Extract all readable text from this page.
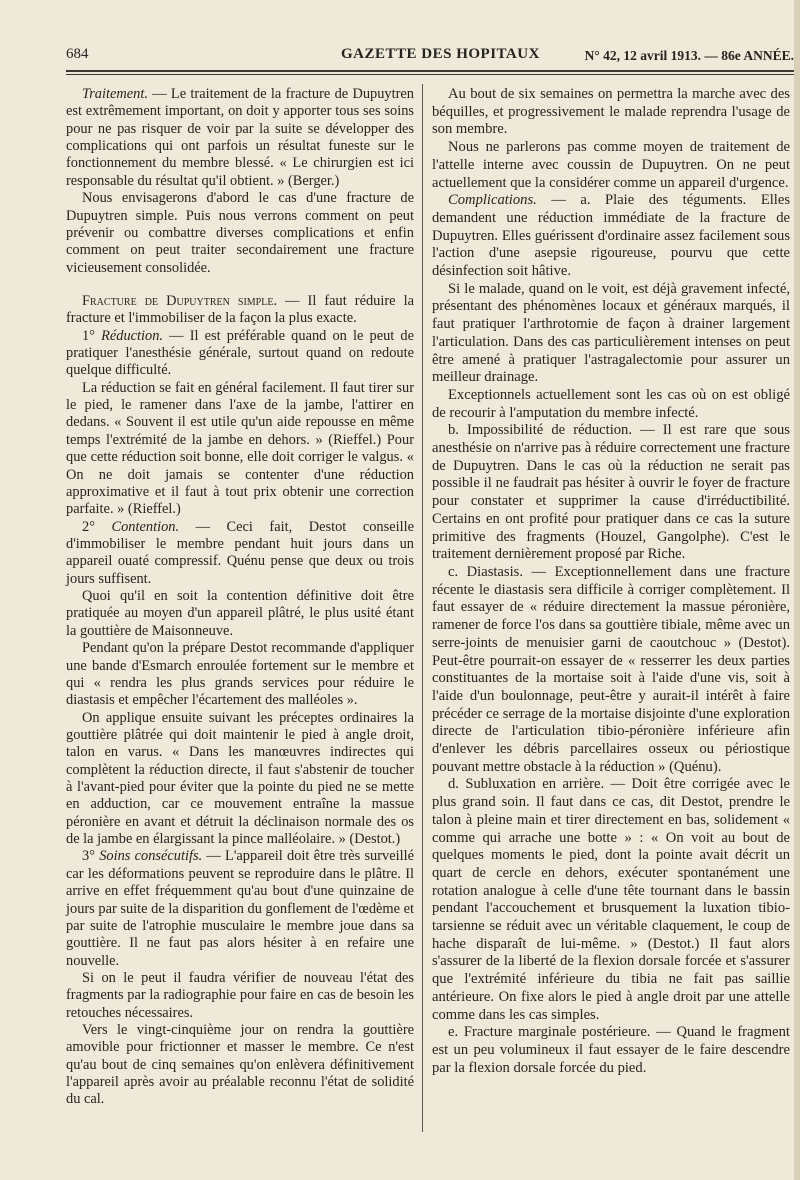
684	GAZETTE DES HOPITAUX	N° 42, 12 avril 1913. — 86e ANNÉE.

Traitement. — Le traitement de la fracture de Dupuytren est extrêmement important, on doit y apporter tous ses soins pour ne pas risquer de voir par la suite se développer des complications qui ont parfois un résultat funeste sur le fonctionnement du membre blessé. « Le chirurgien est ici responsable du résultat qu'il obtient. » (Berger.)

Nous envisagerons d'abord le cas d'une fracture de Dupuytren simple. Puis nous verrons comment on peut prévenir ou combattre diverses complications et enfin comment on peut traiter secondairement une fracture vicieusement consolidée.

Fracture de Dupuytren simple. — Il faut réduire la fracture et l'immobiliser de la façon la plus exacte.

1° Réduction. — Il est préférable quand on le peut de pratiquer l'anesthésie générale, surtout quand on redoute quelque difficulté.

La réduction se fait en général facilement. Il faut tirer sur le pied, le ramener dans l'axe de la jambe, l'attirer en dedans. « Souvent il est utile qu'un aide repousse en même temps l'extrémité de la jambe en dehors. » (Rieffel.) Pour que cette réduction soit bonne, elle doit corriger le valgus. « On ne doit jamais se contenter d'une réduction approximative et il faut à tout prix obtenir une correction parfaite. » (Rieffel.)

2° Contention. — Ceci fait, Destot conseille d'immobiliser le membre pendant huit jours dans un appareil ouaté compressif. Quénu pense que deux ou trois jours suffisent.

Quoi qu'il en soit la contention définitive doit être pratiquée au moyen d'un appareil plâtré, le plus usité étant la gouttière de Maisonneuve.

Pendant qu'on la prépare Destot recommande d'appliquer une bande d'Esmarch enroulée fortement sur le membre et qui « rendra les plus grands services pour réduire le diastasis et empêcher l'écartement des malléoles ».

On applique ensuite suivant les préceptes ordinaires la gouttière plâtrée qui doit maintenir le pied à angle droit, talon en varus. « Dans les manœuvres indirectes qui complètent la réduction directe, il faut s'abstenir de toucher à l'avant-pied pour éviter que la pointe du pied ne se mette en adduction, car ce mouvement entraîne la massue péronière en avant et détruit la déclinaison normale des os de la jambe en élargissant la pince malléolaire. » (Destot.)

3° Soins consécutifs. — L'appareil doit être très surveillé car les déformations peuvent se reproduire dans le plâtre. Il arrive en effet fréquemment qu'au bout d'une quinzaine de jours par suite de la disparition du gonflement de l'œdème et par suite de l'atrophie musculaire le membre joue dans sa gouttière. Il ne faut pas alors hésiter à en refaire une nouvelle.

Si on le peut il faudra vérifier de nouveau l'état des fragments par la radiographie pour faire en cas de besoin les retouches nécessaires.

Vers le vingt-cinquième jour on rendra la gouttière amovible pour frictionner et masser le membre. Ce n'est qu'au bout de cinq semaines qu'on enlèvera définitivement l'appareil après avoir au préalable reconnu l'état de solidité du cal.

Au bout de six semaines on permettra la marche avec des béquilles, et progressivement le malade reprendra l'usage de son membre.

Nous ne parlerons pas comme moyen de traitement de l'attelle interne avec coussin de Dupuytren. On ne peut actuellement que la considérer comme un appareil d'urgence.

Complications. — a. Plaie des téguments. Elles demandent une réduction immédiate de la fracture de Dupuytren. Elles guérissent d'ordinaire assez facilement sous l'action d'une asepsie rigoureuse, pourvu que cette désinfection soit hâtive.

Si le malade, quand on le voit, est déjà gravement infecté, présentant des phénomènes locaux et généraux marqués, il faut pratiquer l'arthrotomie de façon à drainer largement l'articulation. Dans des cas particulièrement intenses on peut être amené à pratiquer l'astragalectomie pour assurer un meilleur drainage.

Exceptionnels actuellement sont les cas où on est obligé de recourir à l'amputation du membre infecté.

b. Impossibilité de réduction. — Il est rare que sous anesthésie on n'arrive pas à réduire correctement une fracture de Dupuytren. Dans le cas où la réduction ne serait pas possible il ne faudrait pas hésiter à ouvrir le foyer de fracture pour constater et supprimer la cause d'irréductibilité. Certains en ont profité pour pratiquer dans ce cas la suture primitive des fragments (Houzel, Gangolphe). C'est le traitement dernièrement proposé par Riche.

c. Diastasis. — Exceptionnellement dans une fracture récente le diastasis sera difficile à corriger complètement. Il faut essayer de « réduire directement la massue péronière, ramener de force l'os dans sa gouttière tibiale, même avec un serre-joints de menuisier garni de caoutchouc » (Destot). Peut-être pourrait-on essayer de « resserrer les deux parties constituantes de la mortaise soit à l'aide d'une vis, soit à l'aide d'un boulonnage, peut-être y aurait-il intérêt à faire précéder ce serrage de la mortaise disjointe d'une exploration directe de l'articulation tibio-péronière inférieure afin d'enlever les débris parcellaires osseux ou périostique pouvant mettre obstacle à la réduction » (Quénu).

d. Subluxation en arrière. — Doit être corrigée avec le plus grand soin. Il faut dans ce cas, dit Destot, prendre le talon à pleine main et tirer directement en bas, solidement « comme qui arrache une botte » : « On voit au bout de quelques moments le pied, dont la pointe avait décrit un quart de cercle en dehors, exécuter spontanément une rotation analogue à celle d'une tête tournant dans le bassin pendant l'accouchement et brusquement la luxation tibio-tarsienne se réduit avec un véritable claquement, le coup de hache disparaît de lui-même. » (Destot.) Il faut alors s'assurer de la liberté de la flexion dorsale forcée et s'assurer que l'extrémité inférieure du tibia ne fait pas saillie antérieure. On fixe alors le pied à angle droit par une attelle comme dans les cas simples.

e. Fracture marginale postérieure. — Quand le fragment est un peu volumineux il faut essayer de le faire descendre par la flexion dorsale forcée du pied.
